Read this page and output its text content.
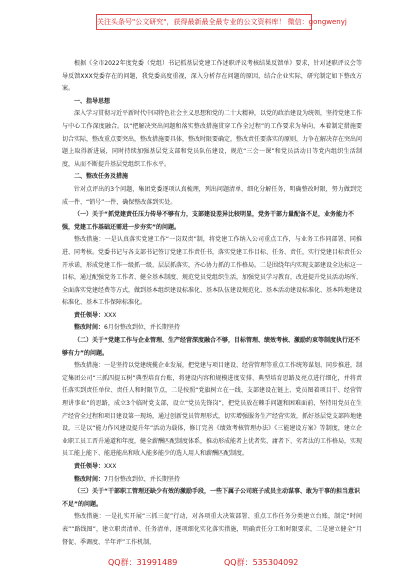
关注头条号"公文研究"，获得最新最全最专业的公文资料库！ 微信：gongwenyj

根据《全市2022年度党委（党组）书记抓基层党建工作述职评议考核结果反馈单》要求，针对述职评议会等导反馈XXX党委存在的问题，我党委高度重视，深入分析存在问题的原因，结合企业实际，研究制定如下整改方案。

一、指导思想

深入学习贯彻习近平新时代中国特色社会主义思想和党的二十大精神，以党的政治建设为统领，坚持党建工作与中心工作深度融合。以“把解决突出问题和落实整改措施贯穿工作全过程”的工作要求为导向，本着制定措施要切合实际，整改重点要突出，整改措施要具体，整改时限要确定，整改责任要落实的原则，力争在解决存在突出问题上取得新进展，同时持续加强基层党支部和党员队伍建设，规范“三会一课”和党员活动日等党内组织生活制度，从而不断提升基层党组织工作水平。

二、整改任务及措施

针对点评出的3个问题，集团党委逐项认真梳理，列出问题清单，细化分解任务，明确整改时限，努力做到完成一件、“销号”一件，确保整改落到实处。

（一）关于“抓党建责任压力传导不够有力，支部建设差异比较明显，党务干部力量配备不足，业务能力不强，党建工作基础还需进一步夯实”的问题。

整改措施：一是认真落实党建工作“一岗双责”制，将党建工作纳入公司重点工作，与业务工作同部署、同推进、同考核。党委书记与各支部书记签订党建工作责任书，落实党建工作目标、任务、责任，实行党建目标责任公开承诺，形成党建工作一级抓一级、层层抓落实，齐心协力抓的工作格局。二是围绕年内实现支部建设全达标这一目标，通过配强党务工作者、健全基本制度、规范党员党组织生活，加强党员学习教育，改进提升党员活动场所、全面落实党建经费等方式，做到基本组织建设标准化、基本队伍建设规范化、基本活动建设标准化、基本阵地建设标准化、基本工作保障标准化。

责任领导：XXX

整改时间：6月份整改到位，并长期坚持

（二）关于“党建工作与企业管理、生产经营深度融合不够，目标管理、绩效考核、激励约束等制度执行还不够有力”的问题。

整改措施：一是坚持以党建统揽企业发展，把党建与项目建设、经营管理等重点工作统筹谋划、同步推进，制定集团公司“三抓四提五树”典型培育台账，将建设内容和规模进度安排、典型培育思路及亮点进行细化，并将责任落实到责任单位、责任人和时限节点，二是按照“党旗树立在一线、支部建设在链上、党员图着项目干、经营管理讲事业”的思路，成立3个临时党支部，设立“党员先锋岗”，把党员放在棘手问题和困难面前，坚持用党员在生产经营全过程和项目建设第一现场，通过创新党员管理形式，切实增强服务生产经营实效，抓好基层党支部阵地建设，三是以“能力作风建设提升年”活动为载体，修订完善《绩效考核管理办法》《三能建设方案》等制度，建立企业职工员工晋升通道和年度，健全薪酬匹配制度体系，推动形成能者上优者奖、庸者下、劣者汰的工作格局，实现员工能上能下、能进能出和收入能多能少的选人用人和薪酬匹配制度。

责任领导：XXX

整改时间：7月份整改到位，并长期坚持

（三）关于“干部职工管理还缺少有效的激励手段，一些下属子公司班子成员主动谋事、敢为干事的担当意识不足”的问题。

整改措施：一是扎实开展“三抓三促”行动，对各项重大决策部署、重点工作任务分类建立台账，制定“时间表”“路线图”，建立职责清单、任务清单，逐项细化实化落实措施，明确责任分工和时限要求，二是建立健全“月督促、季调度、半年评”工作机制，

QQ群：31991489	QQ群：535304092
